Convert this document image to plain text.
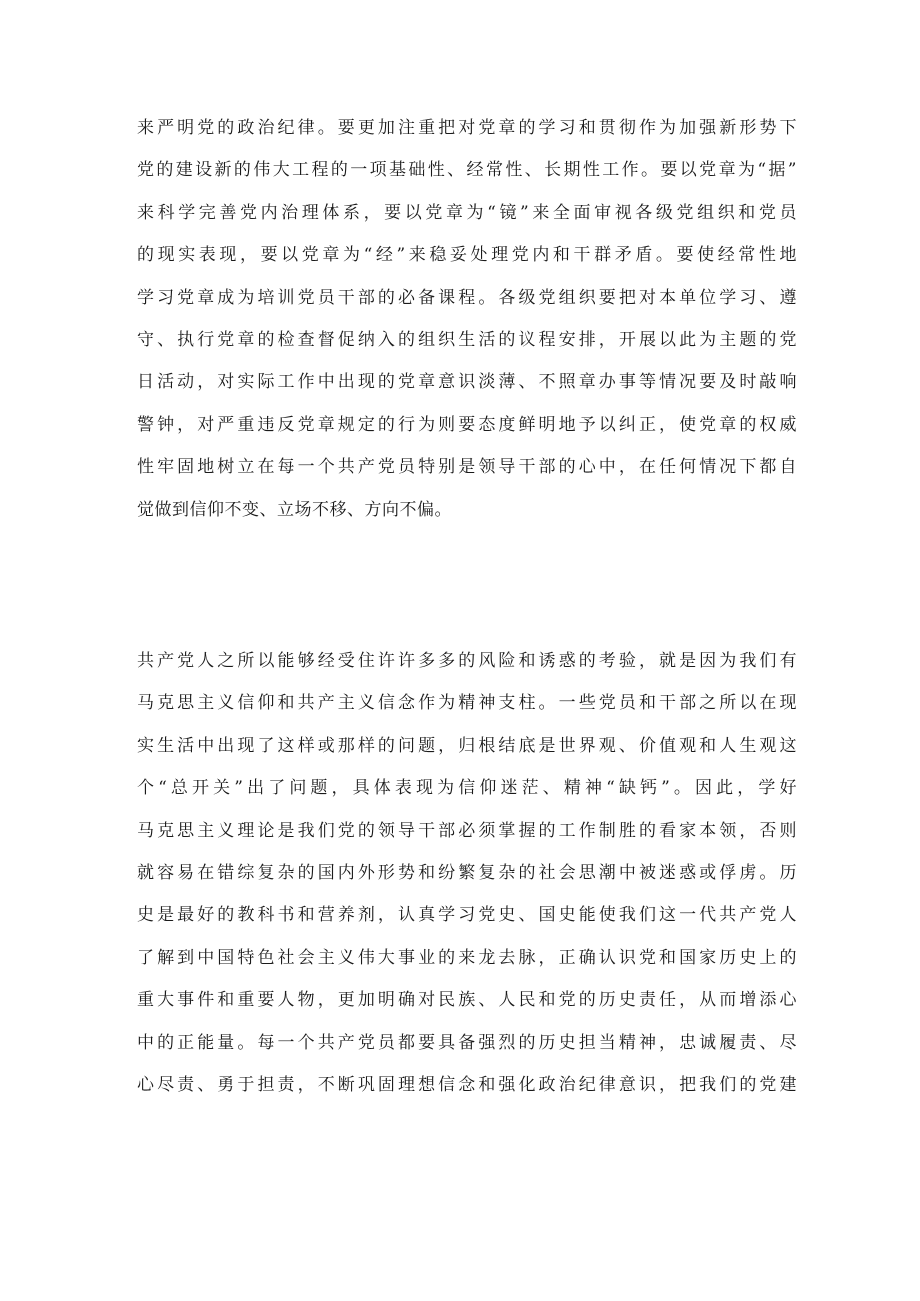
来严明党的政治纪律。要更加注重把对党章的学习和贯彻作为加强新形势下
党的建设新的伟大工程的一项基础性、经常性、长期性工作。要以党章为“据”
来科学完善党内治理体系，要以党章为“镜”来全面审视各级党组织和党员
的现实表现，要以党章为“经”来稳妥处理党内和干群矛盾。要使经常性地
学习党章成为培训党员干部的必备课程。各级党组织要把对本单位学习、遵
守、执行党章的检查督促纳入的组织生活的议程安排，开展以此为主题的党
日活动，对实际工作中出现的党章意识淡薄、不照章办事等情况要及时敲响
警钟，对严重违反党章规定的行为则要态度鲜明地予以纠正，使党章的权威
性牢固地树立在每一个共产党员特别是领导干部的心中，在任何情况下都自
觉做到信仰不变、立场不移、方向不偏。
共产党人之所以能够经受住许许多多的风险和诱惑的考验，就是因为我们有
马克思主义信仰和共产主义信念作为精神支柱。一些党员和干部之所以在现
实生活中出现了这样或那样的问题，归根结底是世界观、价值观和人生观这
个“总开关”出了问题，具体表现为信仰迷茫、精神“缺钙”。因此，学好
马克思主义理论是我们党的领导干部必须掌握的工作制胜的看家本领，否则
就容易在错综复杂的国内外形势和纷繁复杂的社会思潮中被迷惑或俘虏。历
史是最好的教科书和营养剂，认真学习党史、国史能使我们这一代共产党人
了解到中国特色社会主义伟大事业的来龙去脉，正确认识党和国家历史上的
重大事件和重要人物，更加明确对民族、人民和党的历史责任，从而增添心
中的正能量。每一个共产党员都要具备强烈的历史担当精神，忠诚履责、尽
心尽责、勇于担责，不断巩固理想信念和强化政治纪律意识，把我们的党建
